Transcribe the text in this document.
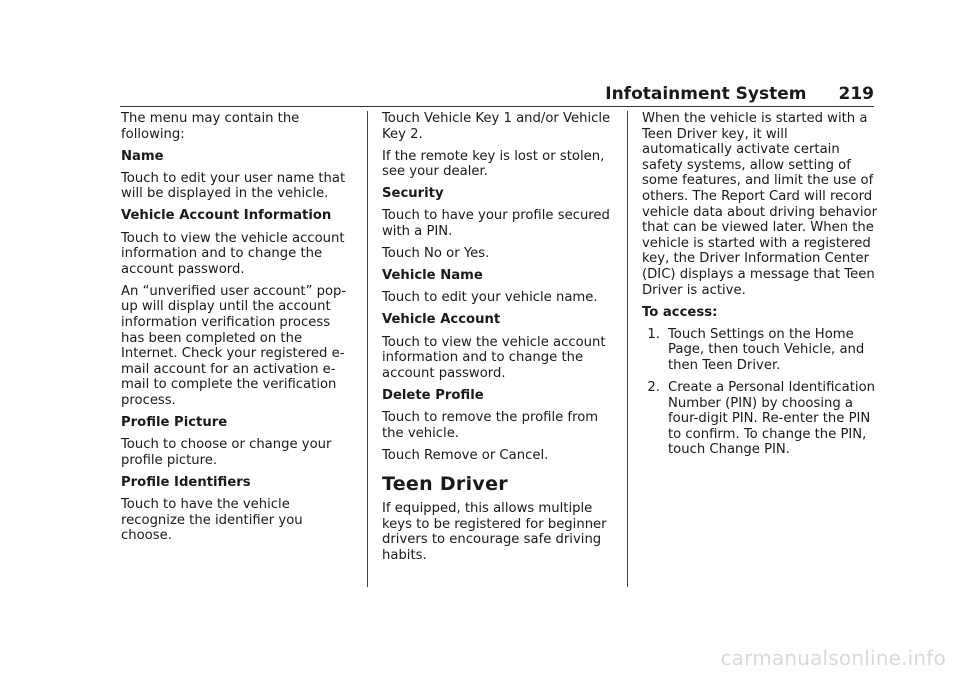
Infotainment System 219

The menu may contain the following:

Name

Touch to edit your user name that will be displayed in the vehicle.

Vehicle Account Information

Touch to view the vehicle account information and to change the account password.

An “unverified user account” pop-up will display until the account information verification process has been completed on the Internet. Check your registered e-mail account for an activation e-mail to complete the verification process.

Profile Picture

Touch to choose or change your profile picture.

Profile Identifiers

Touch to have the vehicle recognize the identifier you choose.

Touch Vehicle Key 1 and/or Vehicle Key 2.

If the remote key is lost or stolen, see your dealer.

Security

Touch to have your profile secured with a PIN.

Touch No or Yes.

Vehicle Name

Touch to edit your vehicle name.

Vehicle Account

Touch to view the vehicle account information and to change the account password.

Delete Profile

Touch to remove the profile from the vehicle.

Touch Remove or Cancel.

Teen Driver

If equipped, this allows multiple keys to be registered for beginner drivers to encourage safe driving habits.

When the vehicle is started with a Teen Driver key, it will automatically activate certain safety systems, allow setting of some features, and limit the use of others. The Report Card will record vehicle data about driving behavior that can be viewed later. When the vehicle is started with a registered key, the Driver Information Center (DIC) displays a message that Teen Driver is active.

To access:

1. Touch Settings on the Home Page, then touch Vehicle, and then Teen Driver.
2. Create a Personal Identification Number (PIN) by choosing a four-digit PIN. Re-enter the PIN to confirm. To change the PIN, touch Change PIN.
carmanualsonline.info
